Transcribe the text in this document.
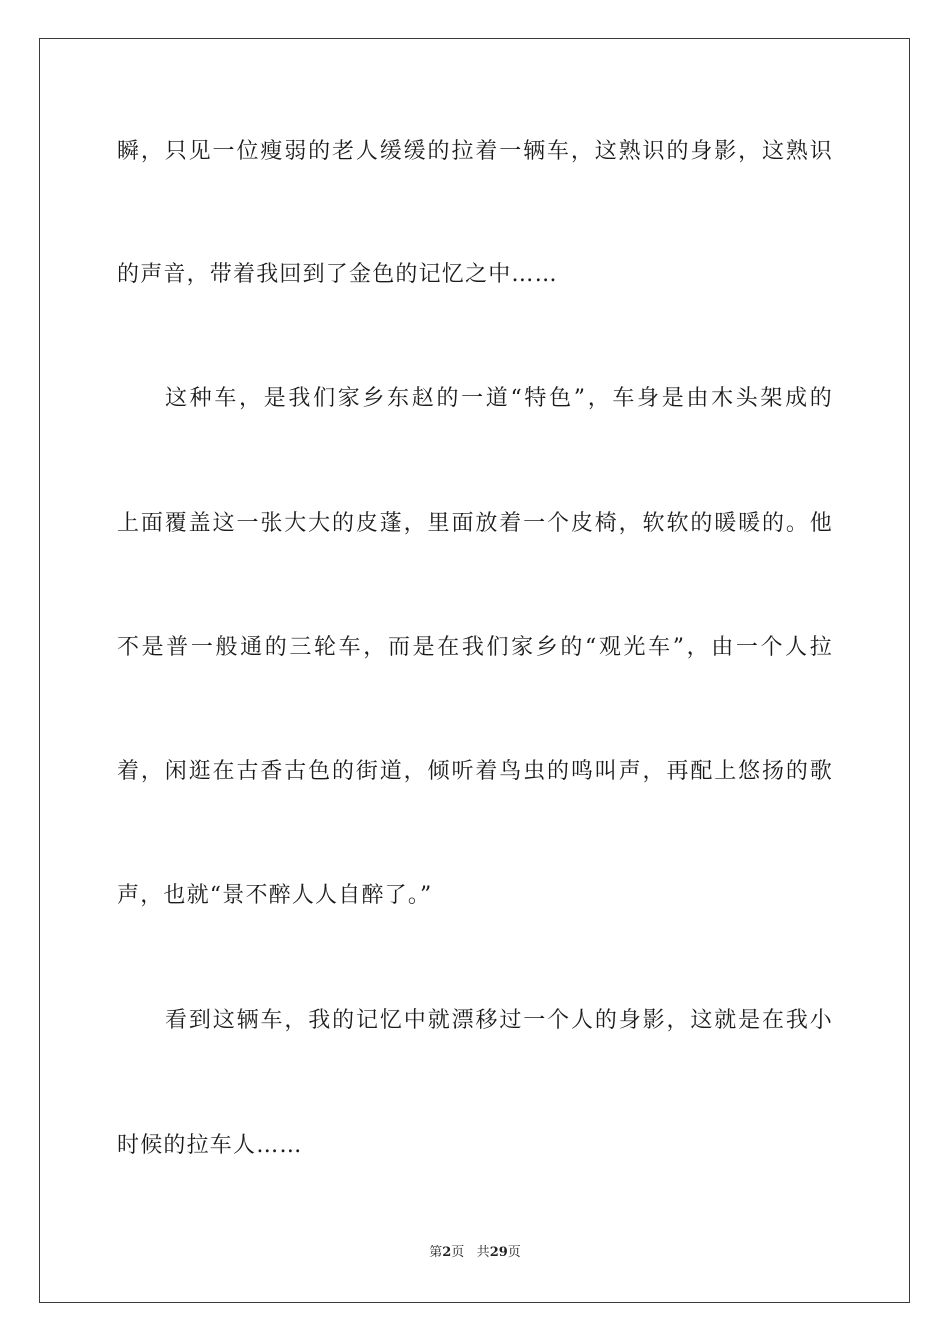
瞬，只见一位瘦弱的老人缓缓的拉着一辆车，这熟识的身影，这熟识
的声音，带着我回到了金色的记忆之中……
这种车，是我们家乡东赵的一道“特色”，车身是由木头架成的
上面覆盖这一张大大的皮蓬，里面放着一个皮椅，软软的暖暖的。他
不是普一般通的三轮车，而是在我们家乡的“观光车”，由一个人拉
着，闲逛在古香古色的街道，倾听着鸟虫的鸣叫声，再配上悠扬的歌
声，也就“景不醉人人自醉了。”
看到这辆车，我的记忆中就漂移过一个人的身影，这就是在我小
时候的拉车人……
第2页 共29页
